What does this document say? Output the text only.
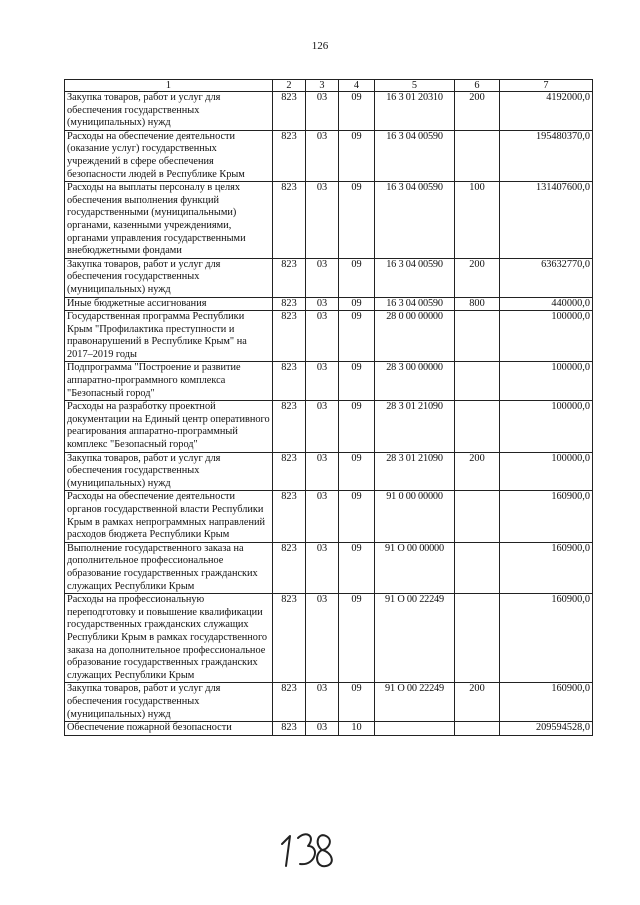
126
1	2	3	4	5	6	7
Закупка товаров, работ и услуг для обеспечения государственных (муниципальных) нужд	823	03	09	16 3 01 20310	200	4192000,0
Расходы на обеспечение деятельности (оказание услуг) государственных учреждений в сфере обеспечения безопасности людей в Республике Крым	823	03	09	16 3 04 00590		195480370,0
Расходы на выплаты персоналу в целях обеспечения выполнения функций государственными (муниципальными) органами, казенными учреждениями, органами управления государственными внебюджетными фондами	823	03	09	16 3 04 00590	100	131407600,0
Закупка товаров, работ и услуг для обеспечения государственных (муниципальных) нужд	823	03	09	16 3 04 00590	200	63632770,0
Иные бюджетные ассигнования	823	03	09	16 3 04 00590	800	440000,0
Государственная программа Республики Крым "Профилактика преступности и правонарушений в Республике Крым" на 2017–2019 годы	823	03	09	28 0 00 00000		100000,0
Подпрограмма "Построение и развитие аппаратно-программного комплекса "Безопасный город"	823	03	09	28 3 00 00000		100000,0
Расходы на разработку проектной документации на Единый центр оперативного реагирования аппаратно-программный комплекс "Безопасный город"	823	03	09	28 3 01 21090		100000,0
Закупка товаров, работ и услуг для обеспечения государственных (муниципальных) нужд	823	03	09	28 3 01 21090	200	100000,0
Расходы на обеспечение деятельности органов государственной власти Республики Крым в рамках непрограммных направлений расходов бюджета Республики Крым	823	03	09	91 0 00 00000		160900,0
Выполнение государственного заказа на дополнительное профессиональное образование государственных гражданских служащих Республики Крым	823	03	09	91 О 00 00000		160900,0
Расходы на профессиональную переподготовку и повышение квалификации государственных гражданских служащих Республики Крым в рамках государственного заказа на дополнительное профессиональное образование государственных гражданских служащих Республики Крым	823	03	09	91 О 00 22249		160900,0
Закупка товаров, работ и услуг для обеспечения государственных (муниципальных) нужд	823	03	09	91 О 00 22249	200	160900,0
Обеспечение пожарной безопасности	823	03	10			209594528,0
